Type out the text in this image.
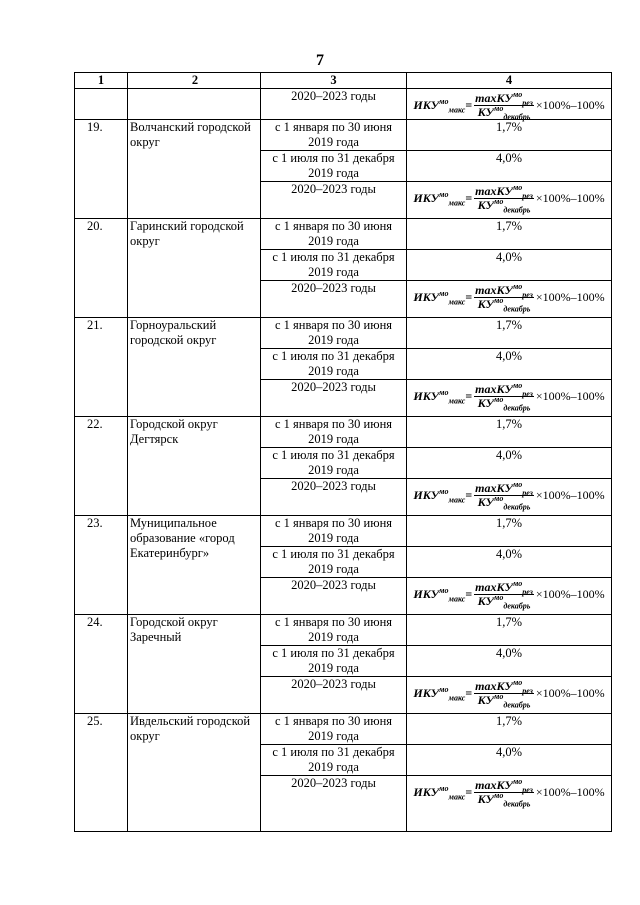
7
1	2	3	4
		2020–2023 годы	$ИКУ^{мо}_{макс} = \frac{\max КУ^{мо}_{рез}}{КУ^{мо}_{декабрь}} \times 100\%-100\%$

19.	Волчанский городской округ	с 1 января по 30 июня 2019 года	1,7%
		с 1 июля по 31 декабря 2019 года	4,0%
		2020–2023 годы	$ИКУ^{мо}_{макс} = \frac{\max КУ^{мо}_{рез}}{КУ^{мо}_{декабрь}} \times 100\%-100\%$

20.	Гаринский городской округ	с 1 января по 30 июня 2019 года	1,7%
		с 1 июля по 31 декабря 2019 года	4,0%
		2020–2023 годы	$ИКУ^{мо}_{макс} = \frac{\max КУ^{мо}_{рез}}{КУ^{мо}_{декабрь}} \times 100\%-100\%$

21.	Горноуральский городской округ	с 1 января по 30 июня 2019 года	1,7%
		с 1 июля по 31 декабря 2019 года	4,0%
		2020–2023 годы	$ИКУ^{мо}_{макс} = \frac{\max КУ^{мо}_{рез}}{КУ^{мо}_{декабрь}} \times 100\%-100\%$

22.	Городской округ Дегтярск	с 1 января по 30 июня 2019 года	1,7%
		с 1 июля по 31 декабря 2019 года	4,0%
		2020–2023 годы	$ИКУ^{мо}_{макс} = \frac{\max КУ^{мо}_{рез}}{КУ^{мо}_{декабрь}} \times 100\%-100\%$

23.	Муниципальное образование «город Екатеринбург»	с 1 января по 30 июня 2019 года	1,7%
		с 1 июля по 31 декабря 2019 года	4,0%
		2020–2023 годы	$ИКУ^{мо}_{макс} = \frac{\max КУ^{мо}_{рез}}{КУ^{мо}_{декабрь}} \times 100\%-100\%$

24.	Городской округ Заречный	с 1 января по 30 июня 2019 года	1,7%
		с 1 июля по 31 декабря 2019 года	4,0%
		2020–2023 годы	$ИКУ^{мо}_{макс} = \frac{\max КУ^{мо}_{рез}}{КУ^{мо}_{декабрь}} \times 100\%-100\%$

25.	Ивдельский городской округ	с 1 января по 30 июня 2019 года	1,7%
		с 1 июля по 31 декабря 2019 года	4,0%
		2020–2023 годы	$ИКУ^{мо}_{макс} = \frac{\max КУ^{мо}_{рез}}{КУ^{мо}_{декабрь}} \times 100\%-100\%$
